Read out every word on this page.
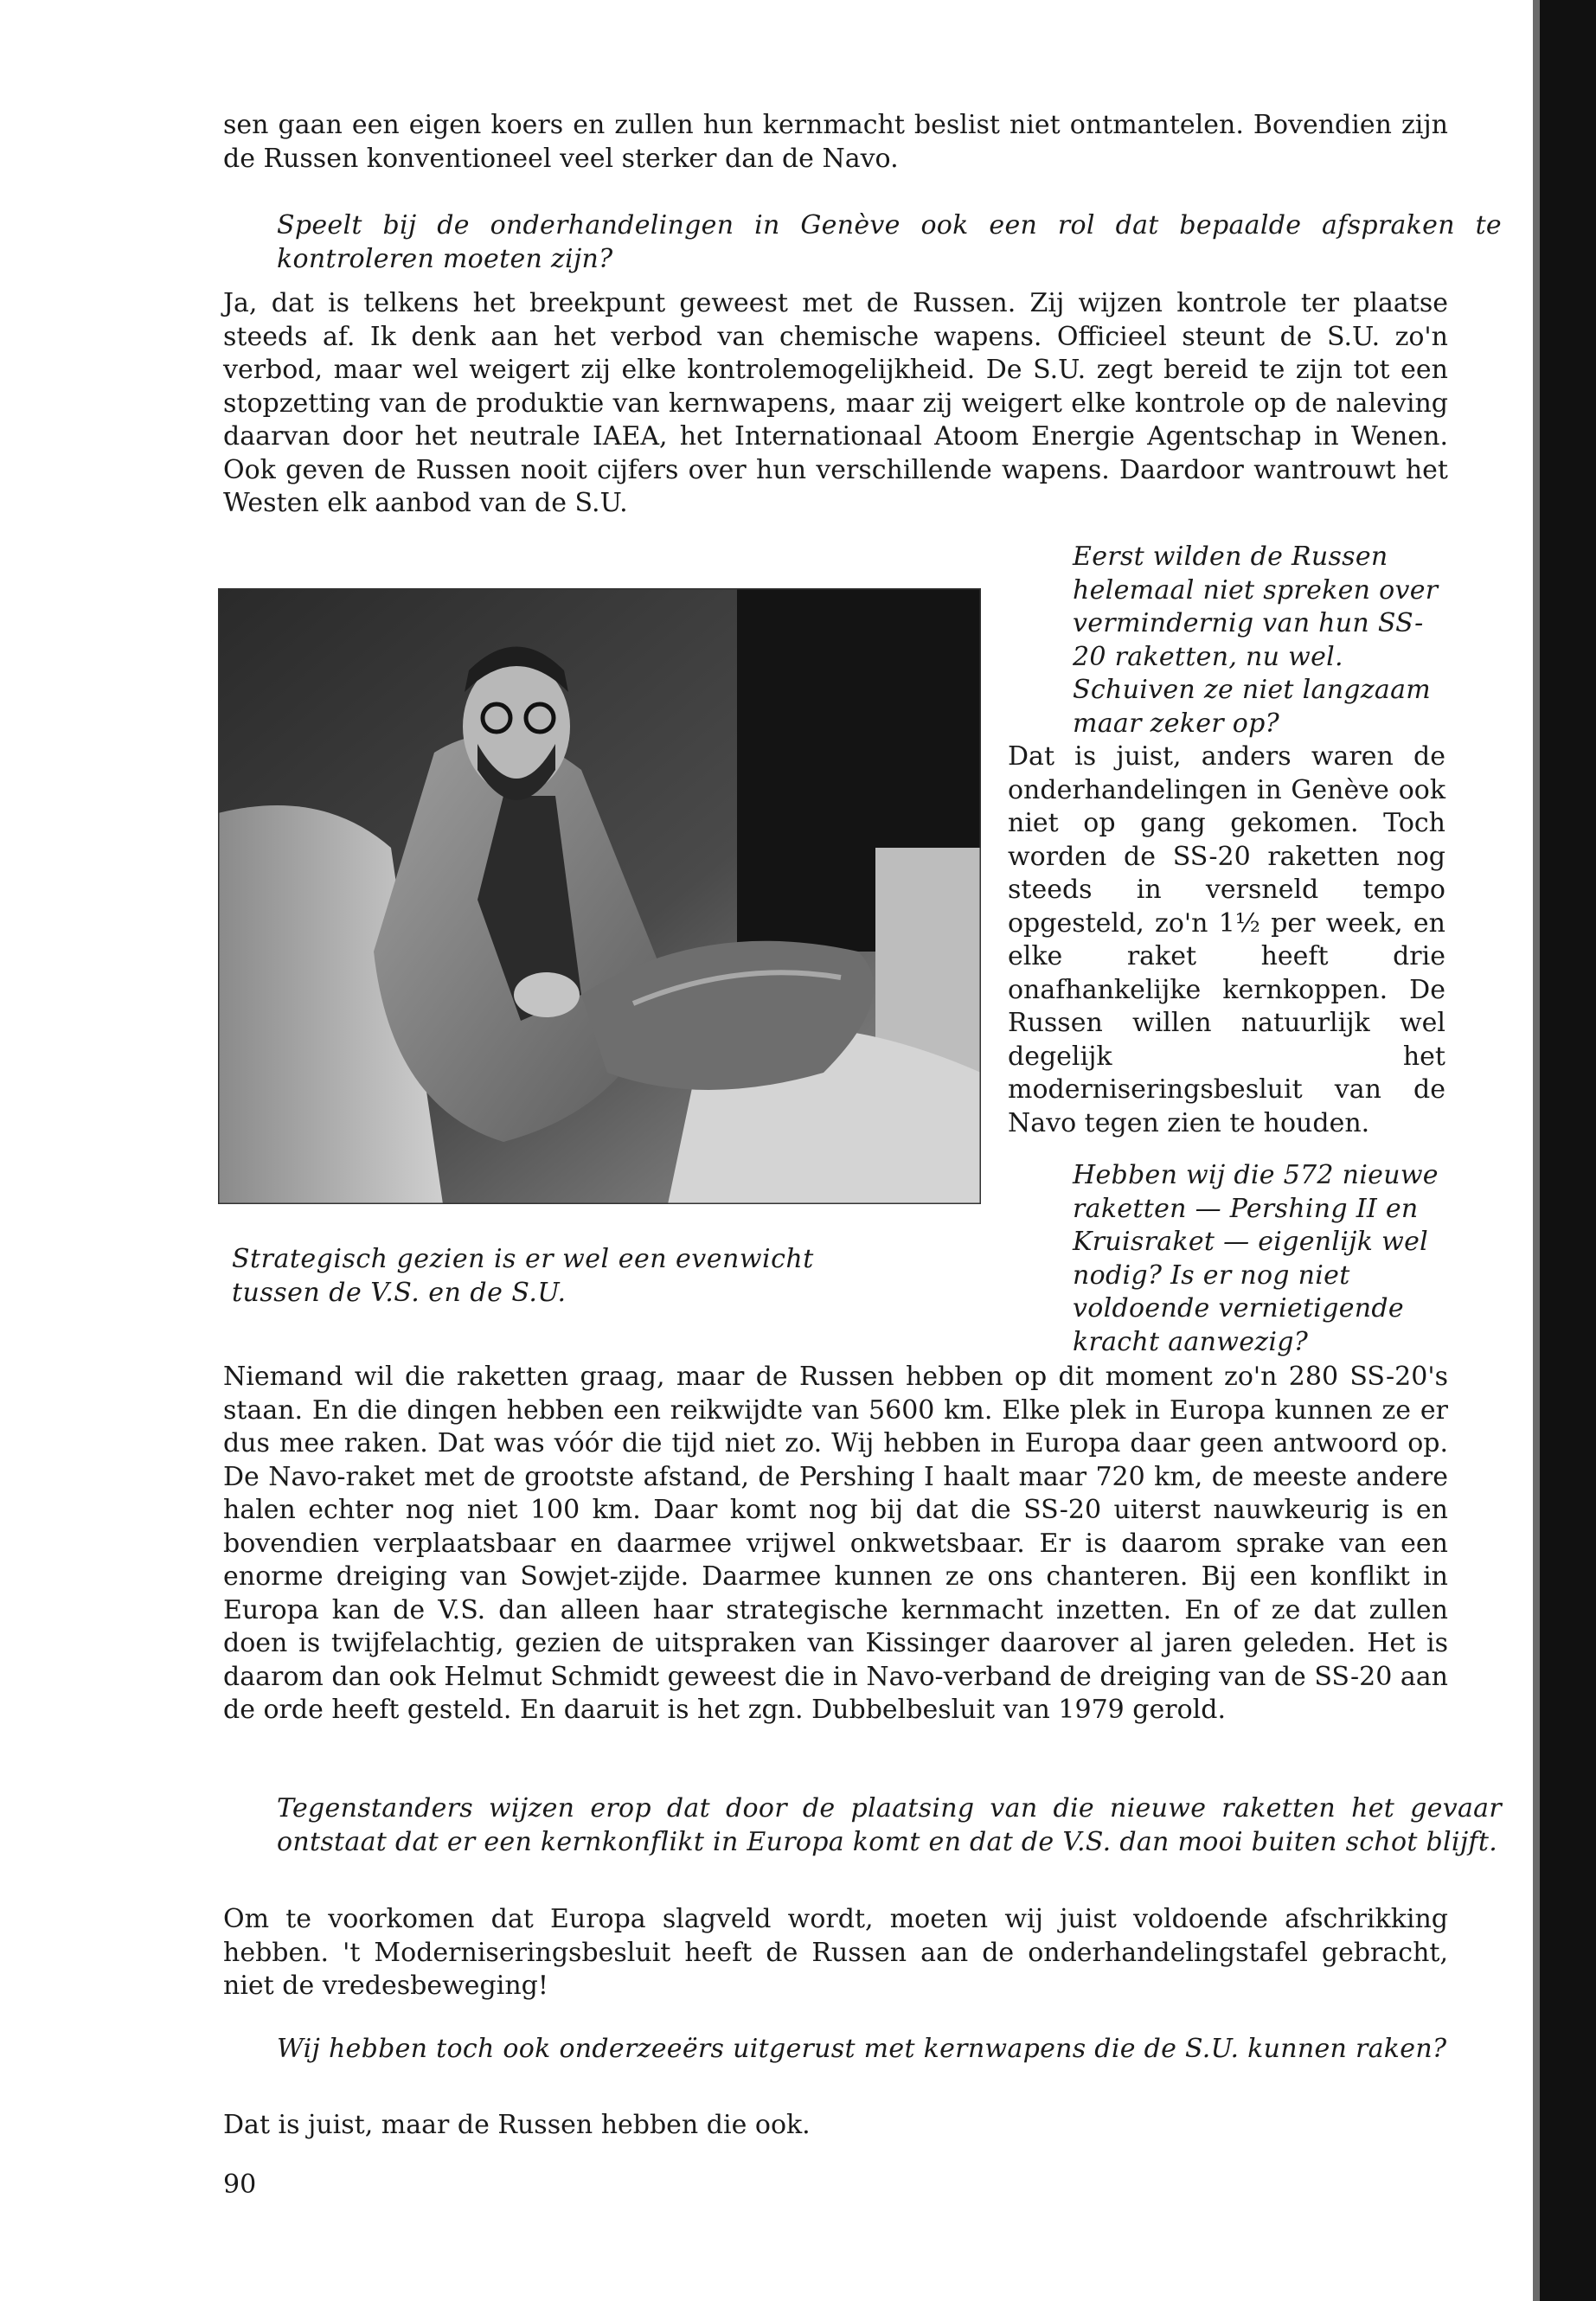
sen gaan een eigen koers en zullen hun kernmacht beslist niet ontmantelen. Bovendien zijn de Russen konventioneel veel sterker dan de Navo.

Speelt bij de onderhandelingen in Genève ook een rol dat bepaalde afspraken te kontroleren moeten zijn?

Ja, dat is telkens het breekpunt geweest met de Russen. Zij wijzen kontrole ter plaatse steeds af. Ik denk aan het verbod van chemische wapens. Officieel steunt de S.U. zo'n verbod, maar wel weigert zij elke kontrolemogelijkheid. De S.U. zegt bereid te zijn tot een stopzetting van de produktie van kernwapens, maar zij weigert elke kontrole op de naleving daarvan door het neutrale IAEA, het Internationaal Atoom Energie Agentschap in Wenen. Ook geven de Russen nooit cijfers over hun verschillende wapens. Daardoor wantrouwt het Westen elk aanbod van de S.U.

Eerst wilden de Russen helemaal niet spreken over vermindernig van hun SS-20 raketten, nu wel. Schuiven ze niet langzaam maar zeker op?

Dat is juist, anders waren de onderhandelingen in Genève ook niet op gang gekomen. Toch worden de SS-20 raketten nog steeds in versneld tempo opgesteld, zo'n 1½ per week, en elke raket heeft drie onafhankelijke kernkoppen. De Russen willen natuurlijk wel degelijk het moderniseringsbesluit van de Navo tegen zien te houden.

Strategisch gezien is er wel een evenwicht tussen de V.S. en de S.U.

Hebben wij die 572 nieuwe raketten — Pershing II en Kruisraket — eigenlijk wel nodig? Is er nog niet voldoende vernietigende kracht aanwezig?

Niemand wil die raketten graag, maar de Russen hebben op dit moment zo'n 280 SS-20's staan. En die dingen hebben een reikwijdte van 5600 km. Elke plek in Europa kunnen ze er dus mee raken. Dat was vóór die tijd niet zo. Wij hebben in Europa daar geen antwoord op. De Navo-raket met de grootste afstand, de Pershing I haalt maar 720 km, de meeste andere halen echter nog niet 100 km. Daar komt nog bij dat die SS-20 uiterst nauwkeurig is en bovendien verplaatsbaar en daarmee vrijwel onkwetsbaar. Er is daarom sprake van een enorme dreiging van Sowjet-zijde. Daarmee kunnen ze ons chanteren. Bij een konflikt in Europa kan de V.S. dan alleen haar strategische kernmacht inzetten. En of ze dat zullen doen is twijfelachtig, gezien de uitspraken van Kissinger daarover al jaren geleden. Het is daarom dan ook Helmut Schmidt geweest die in Navo-verband de dreiging van de SS-20 aan de orde heeft gesteld. En daaruit is het zgn. Dubbelbesluit van 1979 gerold.

Tegenstanders wijzen erop dat door de plaatsing van die nieuwe raketten het gevaar ontstaat dat er een kernkonflikt in Europa komt en dat de V.S. dan mooi buiten schot blijft.

Om te voorkomen dat Europa slagveld wordt, moeten wij juist voldoende afschrikking hebben. 't Moderniseringsbesluit heeft de Russen aan de onderhandelingstafel gebracht, niet de vredesbeweging!

Wij hebben toch ook onderzeeërs uitgerust met kernwapens die de S.U. kunnen raken?

Dat is juist, maar de Russen hebben die ook.

90
